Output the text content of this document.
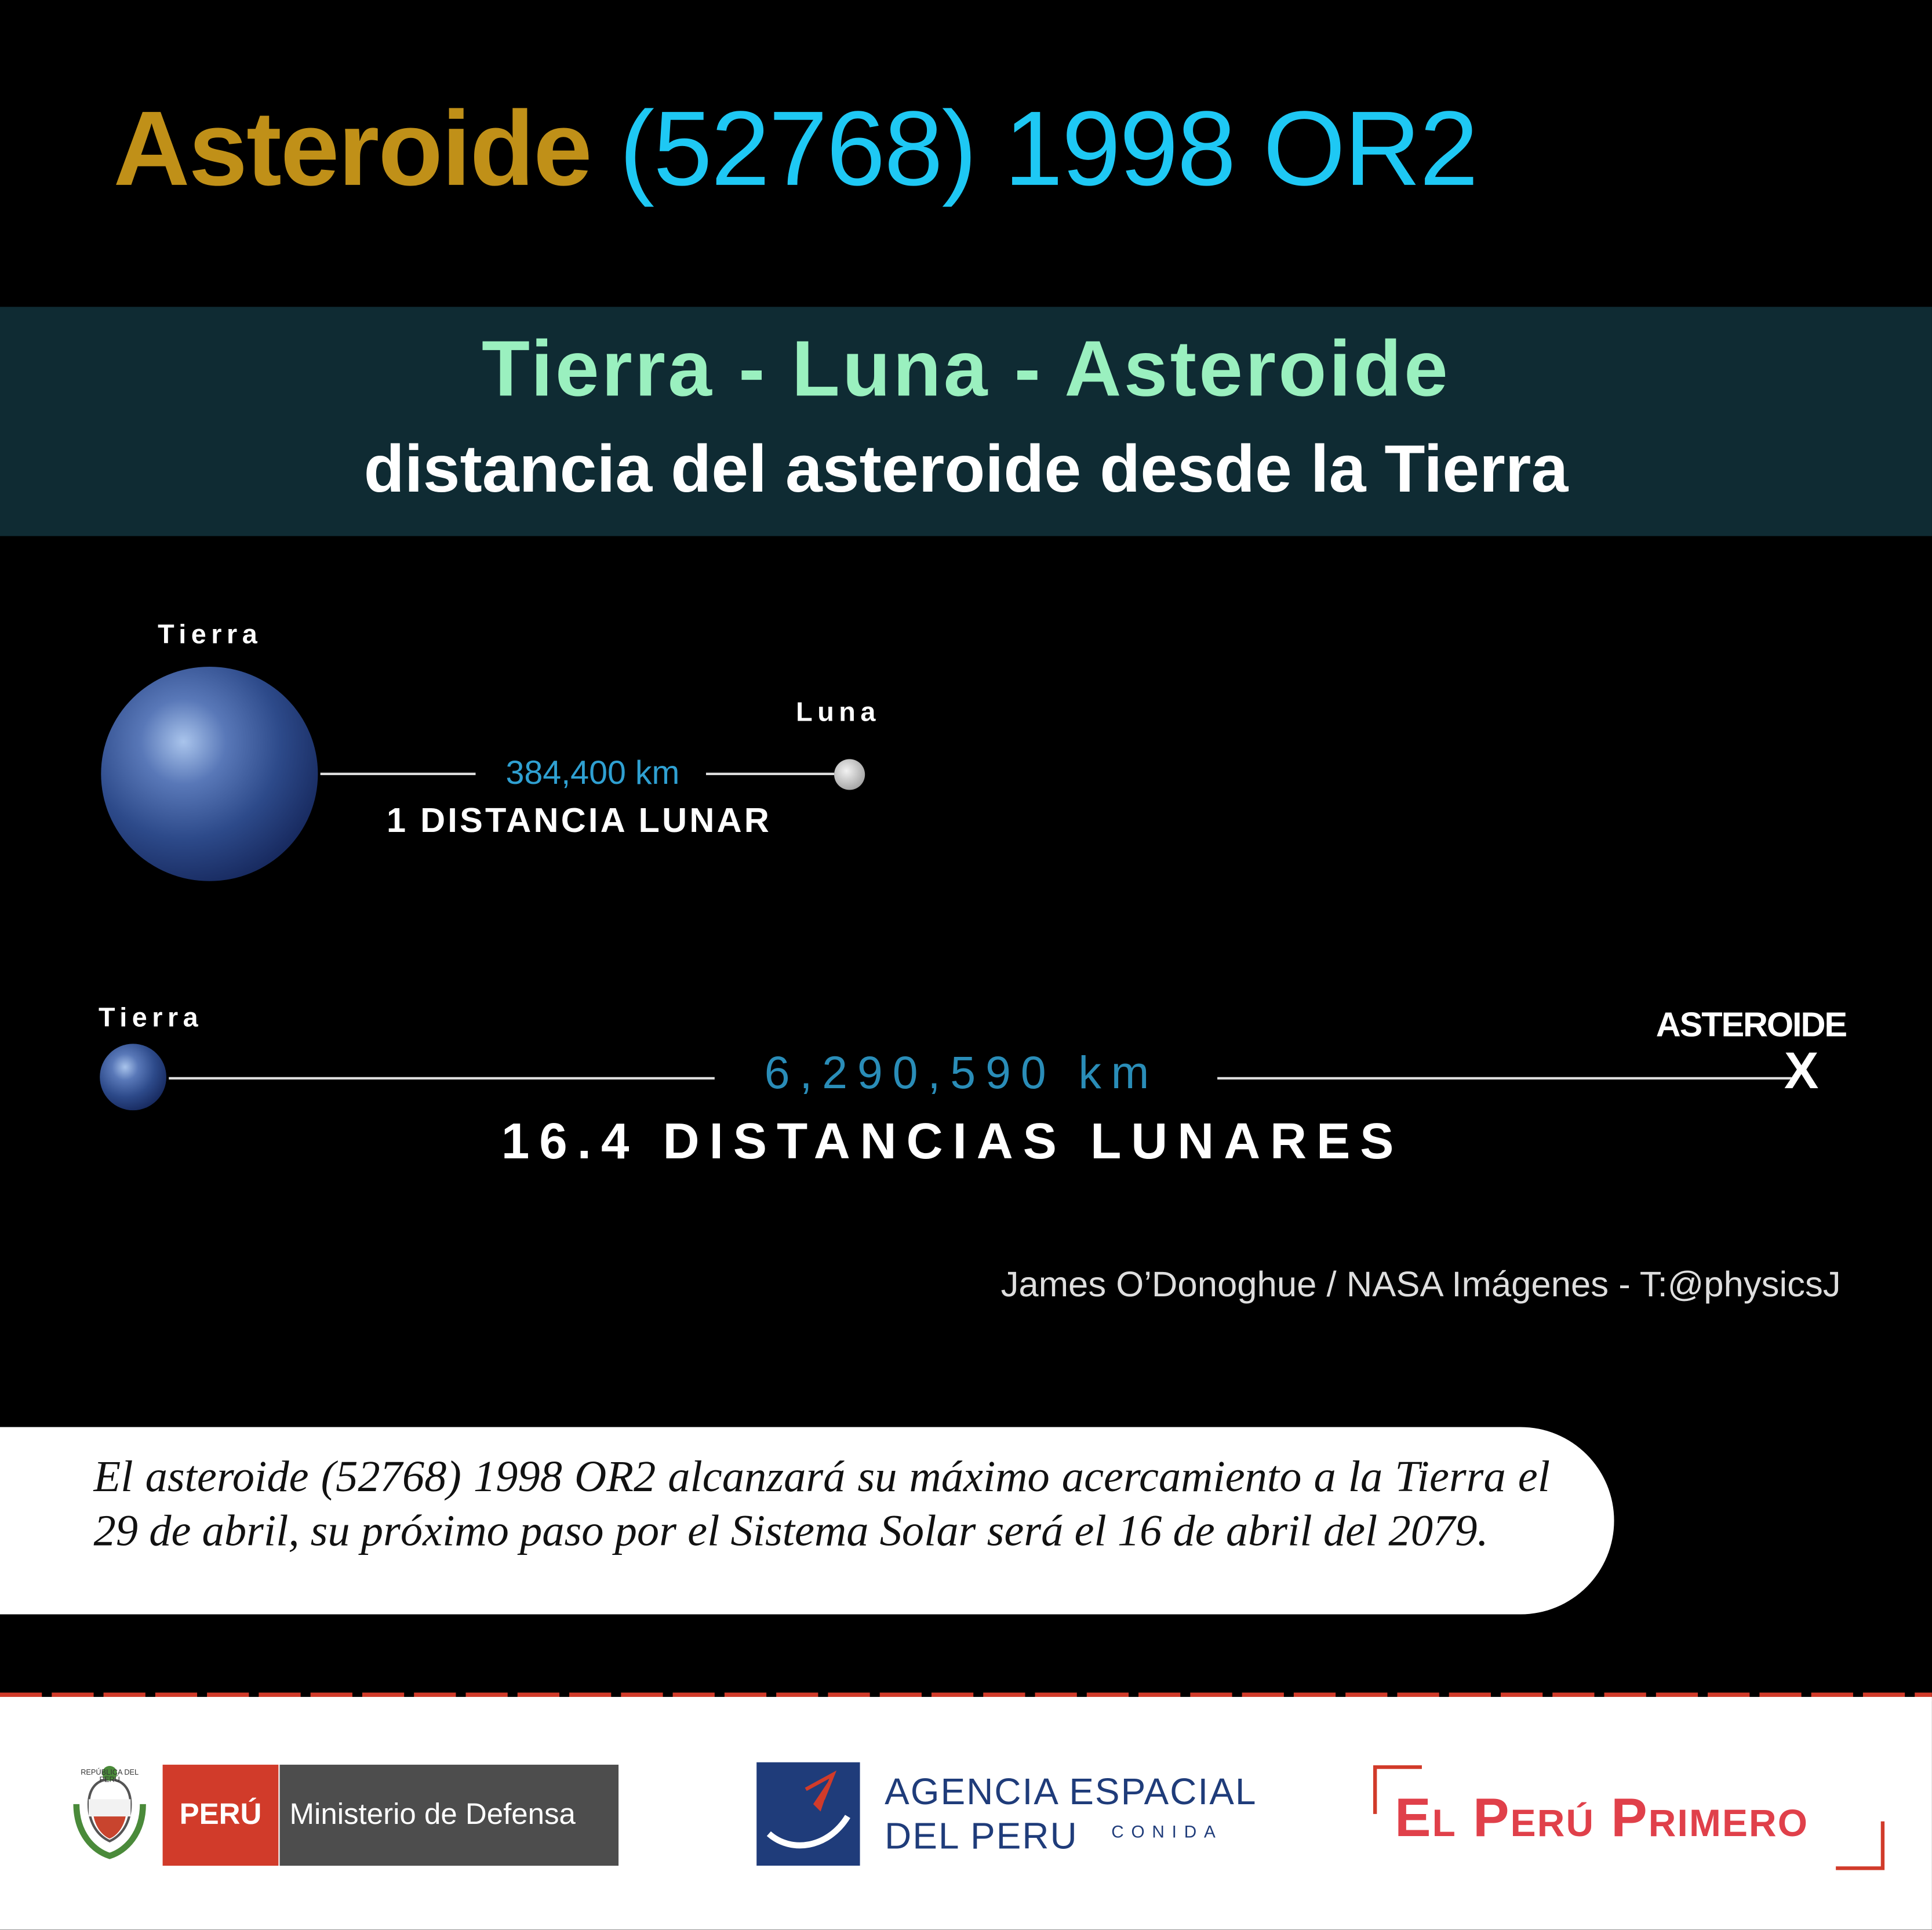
Asteroide (52768) 1998 OR2
Tierra - Luna - Asteroide
distancia del asteroide desde la Tierra
Tierra
384,400 km
Luna
1 DISTANCIA LUNAR
Tierra
6,290,590 km	X
ASTEROIDE
16.4 DISTANCIAS LUNARES
James O’Donoghue / NASA Imágenes - T:@physicsJ
El asteroide (52768) 1998 OR2 alcanzará su máximo acercamiento a la Tierra el 29 de abril, su próximo paso por el Sistema Solar será el 16 de abril del 2079.
REPÚBLICA DEL PERÚ
PERÚ	Ministerio de Defensa
AGENCIA ESPACIAL
DEL PERU	CONIDA	El Perú Primero
